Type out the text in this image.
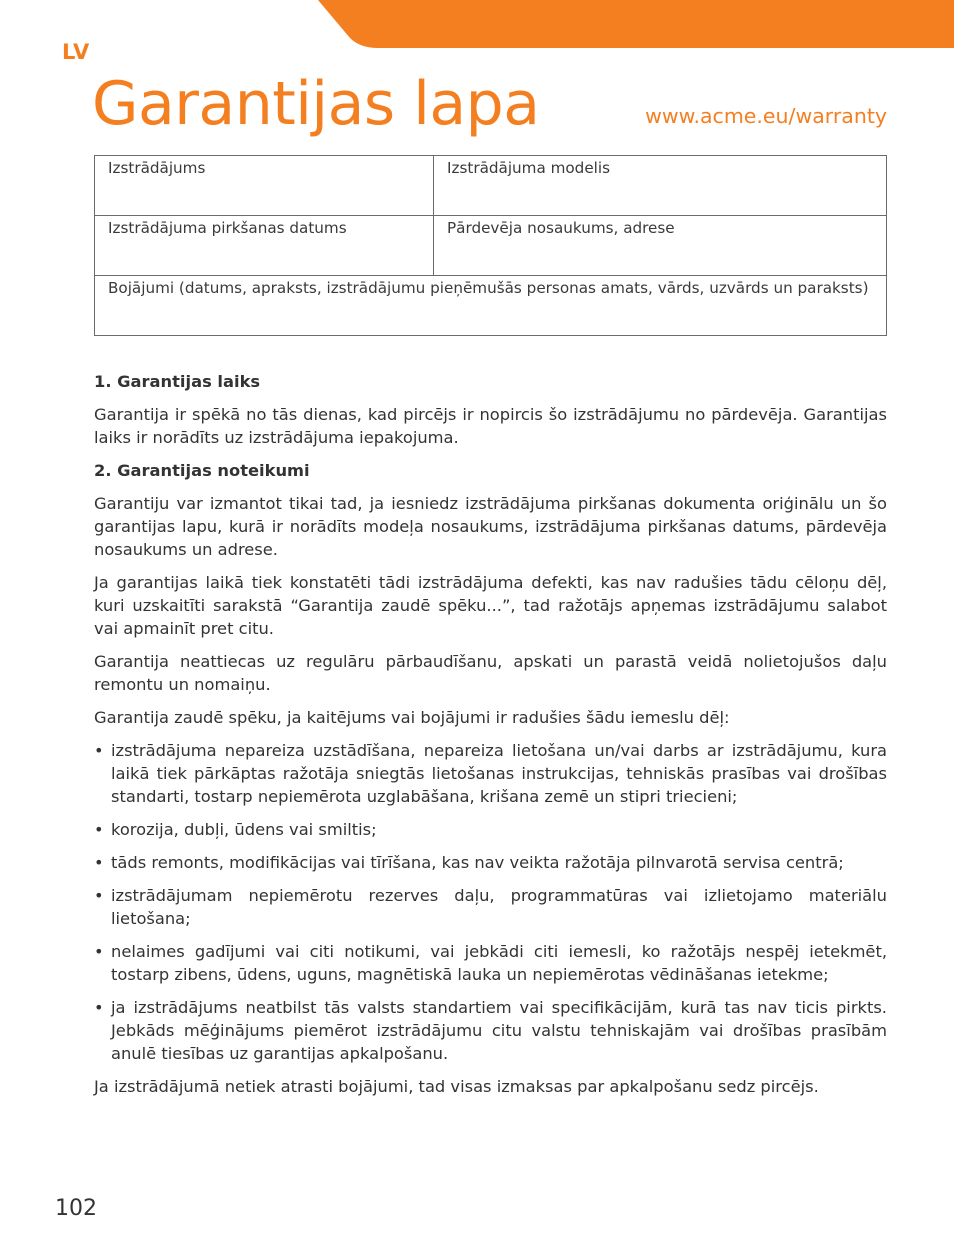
LV
Garantijas lapa	www.acme.eu/warranty
Izstrādājums	Izstrādājuma modelis
Izstrādājuma pirkšanas datums	Pārdevēja nosaukums, adrese
Bojājumi (datums, apraksts, izstrādājumu pieņēmušās personas amats, vārds, uzvārds un paraksts)	
1. Garantijas laiks

Garantija ir spēkā no tās dienas, kad pircējs ir nopircis šo izstrādājumu no pārdevēja. Garantijas laiks ir norādīts uz izstrādājuma iepakojuma.

2. Garantijas noteikumi

Garantiju var izmantot tikai tad, ja iesniedz izstrādājuma pirkšanas dokumenta oriģinālu un šo garantijas lapu, kurā ir norādīts modeļa nosaukums, izstrādājuma pirkšanas datums, pārdevēja nosaukums un adrese.

Ja garantijas laikā tiek konstatēti tādi izstrādājuma defekti, kas nav radušies tādu cēloņu dēļ, kuri uzskaitīti sarakstā “Garantija zaudē spēku...”, tad ražotājs apņemas izstrādājumu salabot vai apmainīt pret citu.

Garantija neattiecas uz regulāru pārbaudīšanu, apskati un parastā veidā nolietojušos daļu remontu un nomaiņu.

Garantija zaudē spēku, ja kaitējums vai bojājumi ir radušies šādu iemeslu dēļ:

• izstrādājuma nepareiza uzstādīšana, nepareiza lietošana un/vai darbs ar izstrādājumu, kura laikā tiek pārkāptas ražotāja sniegtās lietošanas instrukcijas, tehniskās prasības vai drošības standarti, tostarp nepiemērota uzglabāšana, krišana zemē un stipri triecieni;
• korozija, dubļi, ūdens vai smiltis;
• tāds remonts, modifikācijas vai tīrīšana, kas nav veikta ražotāja pilnvarotā servisa centrā;
• izstrādājumam nepiemērotu rezerves daļu, programmatūras vai izlietojamo materiālu lietošana;
• nelaimes gadījumi vai citi notikumi, vai jebkādi citi iemesli, ko ražotājs nespēj ietekmēt, tostarp zibens, ūdens, uguns, magnētiskā lauka un nepiemērotas vēdināšanas ietekme;
• ja izstrādājums neatbilst tās valsts standartiem vai specifikācijām, kurā tas nav ticis pirkts. Jebkāds mēģinājums piemērot izstrādājumu citu valstu tehniskajām vai drošības prasībām anulē tiesības uz garantijas apkalpošanu.

Ja izstrādājumā netiek atrasti bojājumi, tad visas izmaksas par apkalpošanu sedz pircējs.

102
